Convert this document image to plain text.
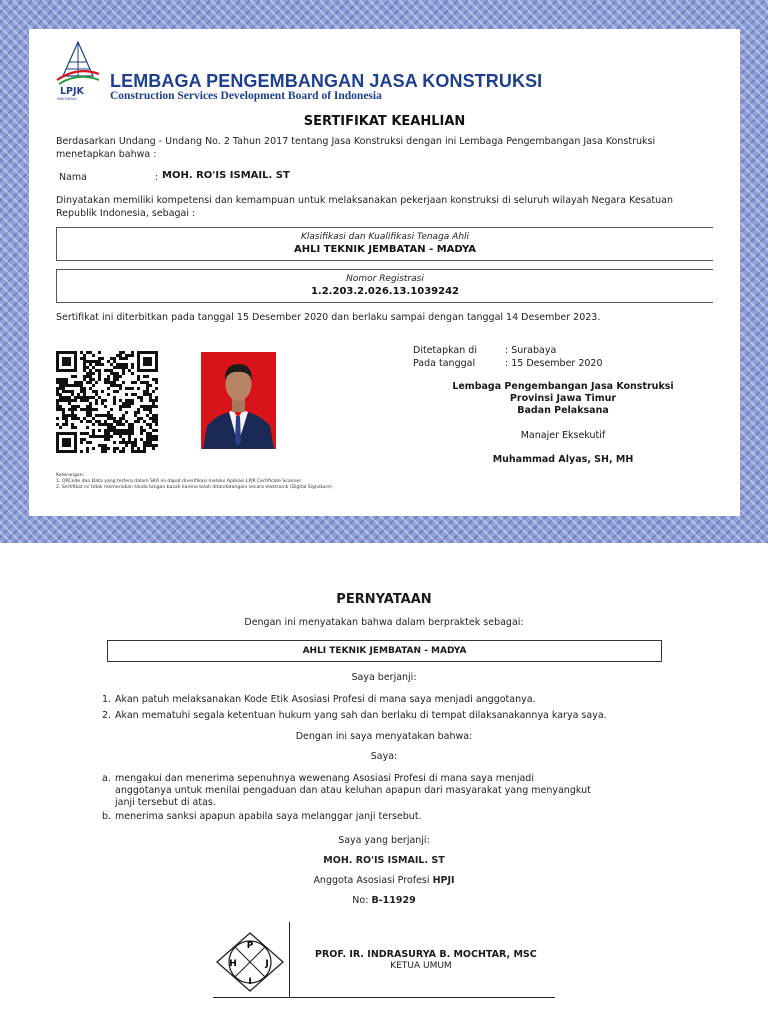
LPJK
INDONESIA
LEMBAGA PENGEMBANGAN JASA KONSTRUKSI
Construction Services Development Board of Indonesia
SERTIFIKAT KEAHLIAN
Berdasarkan Undang - Undang No. 2 Tahun 2017 tentang Jasa Konstruksi dengan ini Lembaga Pengembangan Jasa Konstruksi menetapkan bahwa :
Nama	: MOH. RO'IS ISMAIL. ST
Dinyatakan memiliki kompetensi dan kemampuan untuk melaksanakan pekerjaan konstruksi di seluruh wilayah Negara Kesatuan Republik Indonesia, sebagai :
Klasifikasi dan Kualifikasi Tenaga Ahli
AHLI TEKNIK JEMBATAN - MADYA
Nomor Registrasi
1.2.203.2.026.13.1039242
Sertifikat ini diterbitkan pada tanggal 15 Desember 2020 dan berlaku sampai dengan tanggal 14 Desember 2023.
Ditetapkan di	: Surabaya
Pada tanggal	: 15 Desember 2020
Lembaga Pengembangan Jasa Konstruksi
Provinsi Jawa Timur
Badan Pelaksana
Manajer Eksekutif
Muhammad Alyas, SH, MH
Keterangan:
1. QRCode dan Data yang tertera dalam SKA ini dapat diverifikasi melalui Aplikasi LPJK Certificate Scanner
2. Sertifikat ini tidak memerlukan tanda tangan basah karena telah ditandatangani secara elektronik (Digital Signature)
PERNYATAAN
Dengan ini menyatakan bahwa dalam berpraktek sebagai:
AHLI TEKNIK JEMBATAN - MADYA
Saya berjanji:
1. Akan patuh melaksanakan Kode Etik Asosiasi Profesi di mana saya menjadi anggotanya.
2. Akan mematuhi segala ketentuan hukum yang sah dan berlaku di tempat dilaksanakannya karya saya.
Dengan ini saya menyatakan bahwa:
Saya:
a. mengakui dan menerima sepenuhnya wewenang Asosiasi Profesi di mana saya menjadi anggotanya untuk menilai pengaduan dan atau keluhan apapun dari masyarakat yang menyangkut janji tersebut di atas.
b. menerima sanksi apapun apabila saya melanggar janji tersebut.
Saya yang berjanji:
MOH. RO'IS ISMAIL. ST
Anggota Asosiasi Profesi HPJI
No: B-11929
P
H	J
I
PROF. IR. INDRASURYA B. MOCHTAR, MSC
KETUA UMUM
